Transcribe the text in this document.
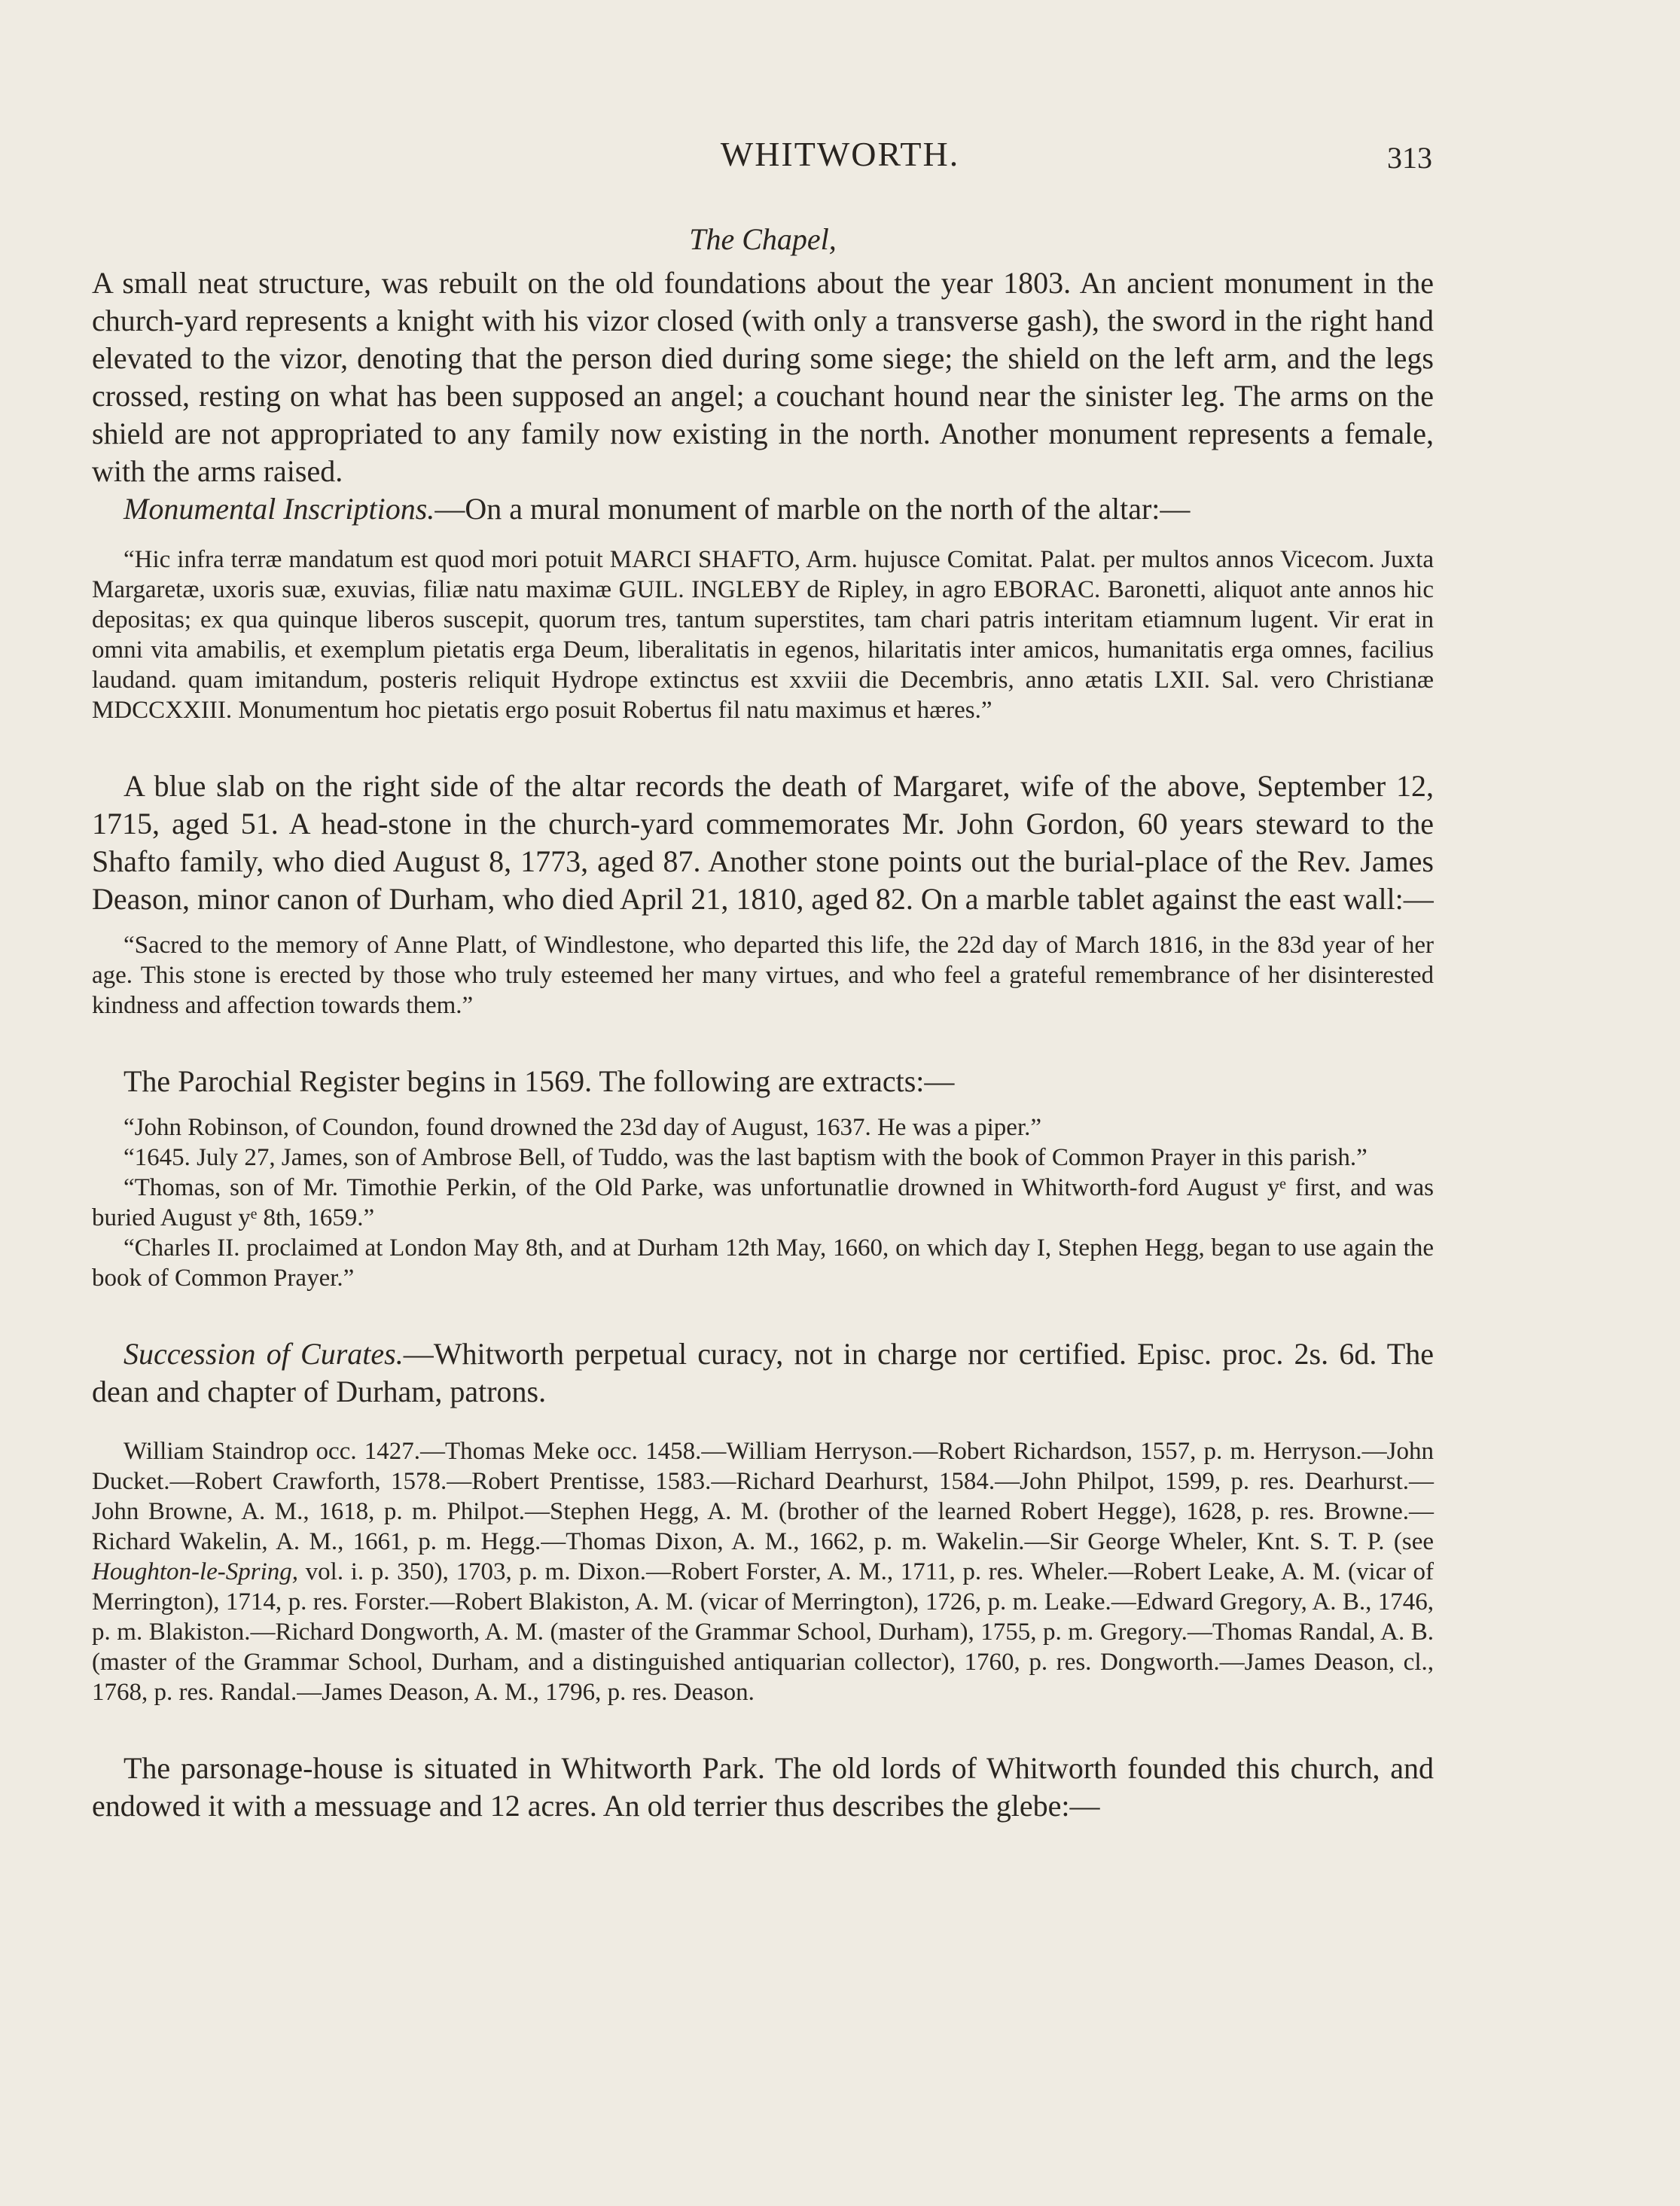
WHITWORTH.	313

The Chapel,

A small neat structure, was rebuilt on the old foundations about the year 1803. An ancient monument in the church-yard represents a knight with his vizor closed (with only a transverse gash), the sword in the right hand elevated to the vizor, denoting that the person died during some siege; the shield on the left arm, and the legs crossed, resting on what has been supposed an angel; a couchant hound near the sinister leg. The arms on the shield are not appropriated to any family now existing in the north. Another monument represents a female, with the arms raised.

Monumental Inscriptions.—On a mural monument of marble on the north of the altar:—

“Hic infra terræ mandatum est quod mori potuit MARCI SHAFTO, Arm. hujusce Comitat. Palat. per multos annos Vicecom. Juxta Margaretæ, uxoris suæ, exuvias, filiæ natu maximæ GUIL. INGLEBY de Ripley, in agro EBORAC. Baronetti, aliquot ante annos hic depositas; ex qua quinque liberos suscepit, quorum tres, tantum superstites, tam chari patris interitam etiamnum lugent. Vir erat in omni vita amabilis, et exemplum pietatis erga Deum, liberalitatis in egenos, hilaritatis inter amicos, humanitatis erga omnes, facilius laudand. quam imitandum, posteris reliquit Hydrope extinctus est xxviii die Decembris, anno ætatis LXII. Sal. vero Christianæ MDCCXXIII. Monumentum hoc pietatis ergo posuit Robertus fil natu maximus et hæres.”

A blue slab on the right side of the altar records the death of Margaret, wife of the above, September 12, 1715, aged 51. A head-stone in the church-yard commemorates Mr. John Gordon, 60 years steward to the Shafto family, who died August 8, 1773, aged 87. Another stone points out the burial-place of the Rev. James Deason, minor canon of Durham, who died April 21, 1810, aged 82. On a marble tablet against the east wall:—

“Sacred to the memory of Anne Platt, of Windlestone, who departed this life, the 22d day of March 1816, in the 83d year of her age. This stone is erected by those who truly esteemed her many virtues, and who feel a grateful remembrance of her disinterested kindness and affection towards them.”

The Parochial Register begins in 1569. The following are extracts:—

“John Robinson, of Coundon, found drowned the 23d day of August, 1637. He was a piper.”

“1645. July 27, James, son of Ambrose Bell, of Tuddo, was the last baptism with the book of Common Prayer in this parish.”

“Thomas, son of Mr. Timothie Perkin, of the Old Parke, was unfortunatlie drowned in Whitworth-ford August yᵉ first, and was buried August yᵉ 8th, 1659.”

“Charles II. proclaimed at London May 8th, and at Durham 12th May, 1660, on which day I, Stephen Hegg, began to use again the book of Common Prayer.”

Succession of Curates.—Whitworth perpetual curacy, not in charge nor certified. Episc. proc. 2s. 6d. The dean and chapter of Durham, patrons.

William Staindrop occ. 1427.—Thomas Meke occ. 1458.—William Herryson.—Robert Richardson, 1557, p. m. Herryson.—John Ducket.—Robert Crawforth, 1578.—Robert Prentisse, 1583.—Richard Dearhurst, 1584.—John Philpot, 1599, p. res. Dearhurst.—John Browne, A. M., 1618, p. m. Philpot.—Stephen Hegg, A. M. (brother of the learned Robert Hegge), 1628, p. res. Browne.—Richard Wakelin, A. M., 1661, p. m. Hegg.—Thomas Dixon, A. M., 1662, p. m. Wakelin.—Sir George Wheler, Knt. S. T. P. (see Houghton-le-Spring, vol. i. p. 350), 1703, p. m. Dixon.—Robert Forster, A. M., 1711, p. res. Wheler.—Robert Leake, A. M. (vicar of Merrington), 1714, p. res. Forster.—Robert Blakiston, A. M. (vicar of Merrington), 1726, p. m. Leake.—Edward Gregory, A. B., 1746, p. m. Blakiston.—Richard Dongworth, A. M. (master of the Grammar School, Durham), 1755, p. m. Gregory.—Thomas Randal, A. B. (master of the Grammar School, Durham, and a distinguished antiquarian collector), 1760, p. res. Dongworth.—James Deason, cl., 1768, p. res. Randal.—James Deason, A. M., 1796, p. res. Deason.

The parsonage-house is situated in Whitworth Park. The old lords of Whitworth founded this church, and endowed it with a messuage and 12 acres. An old terrier thus describes the glebe:—
